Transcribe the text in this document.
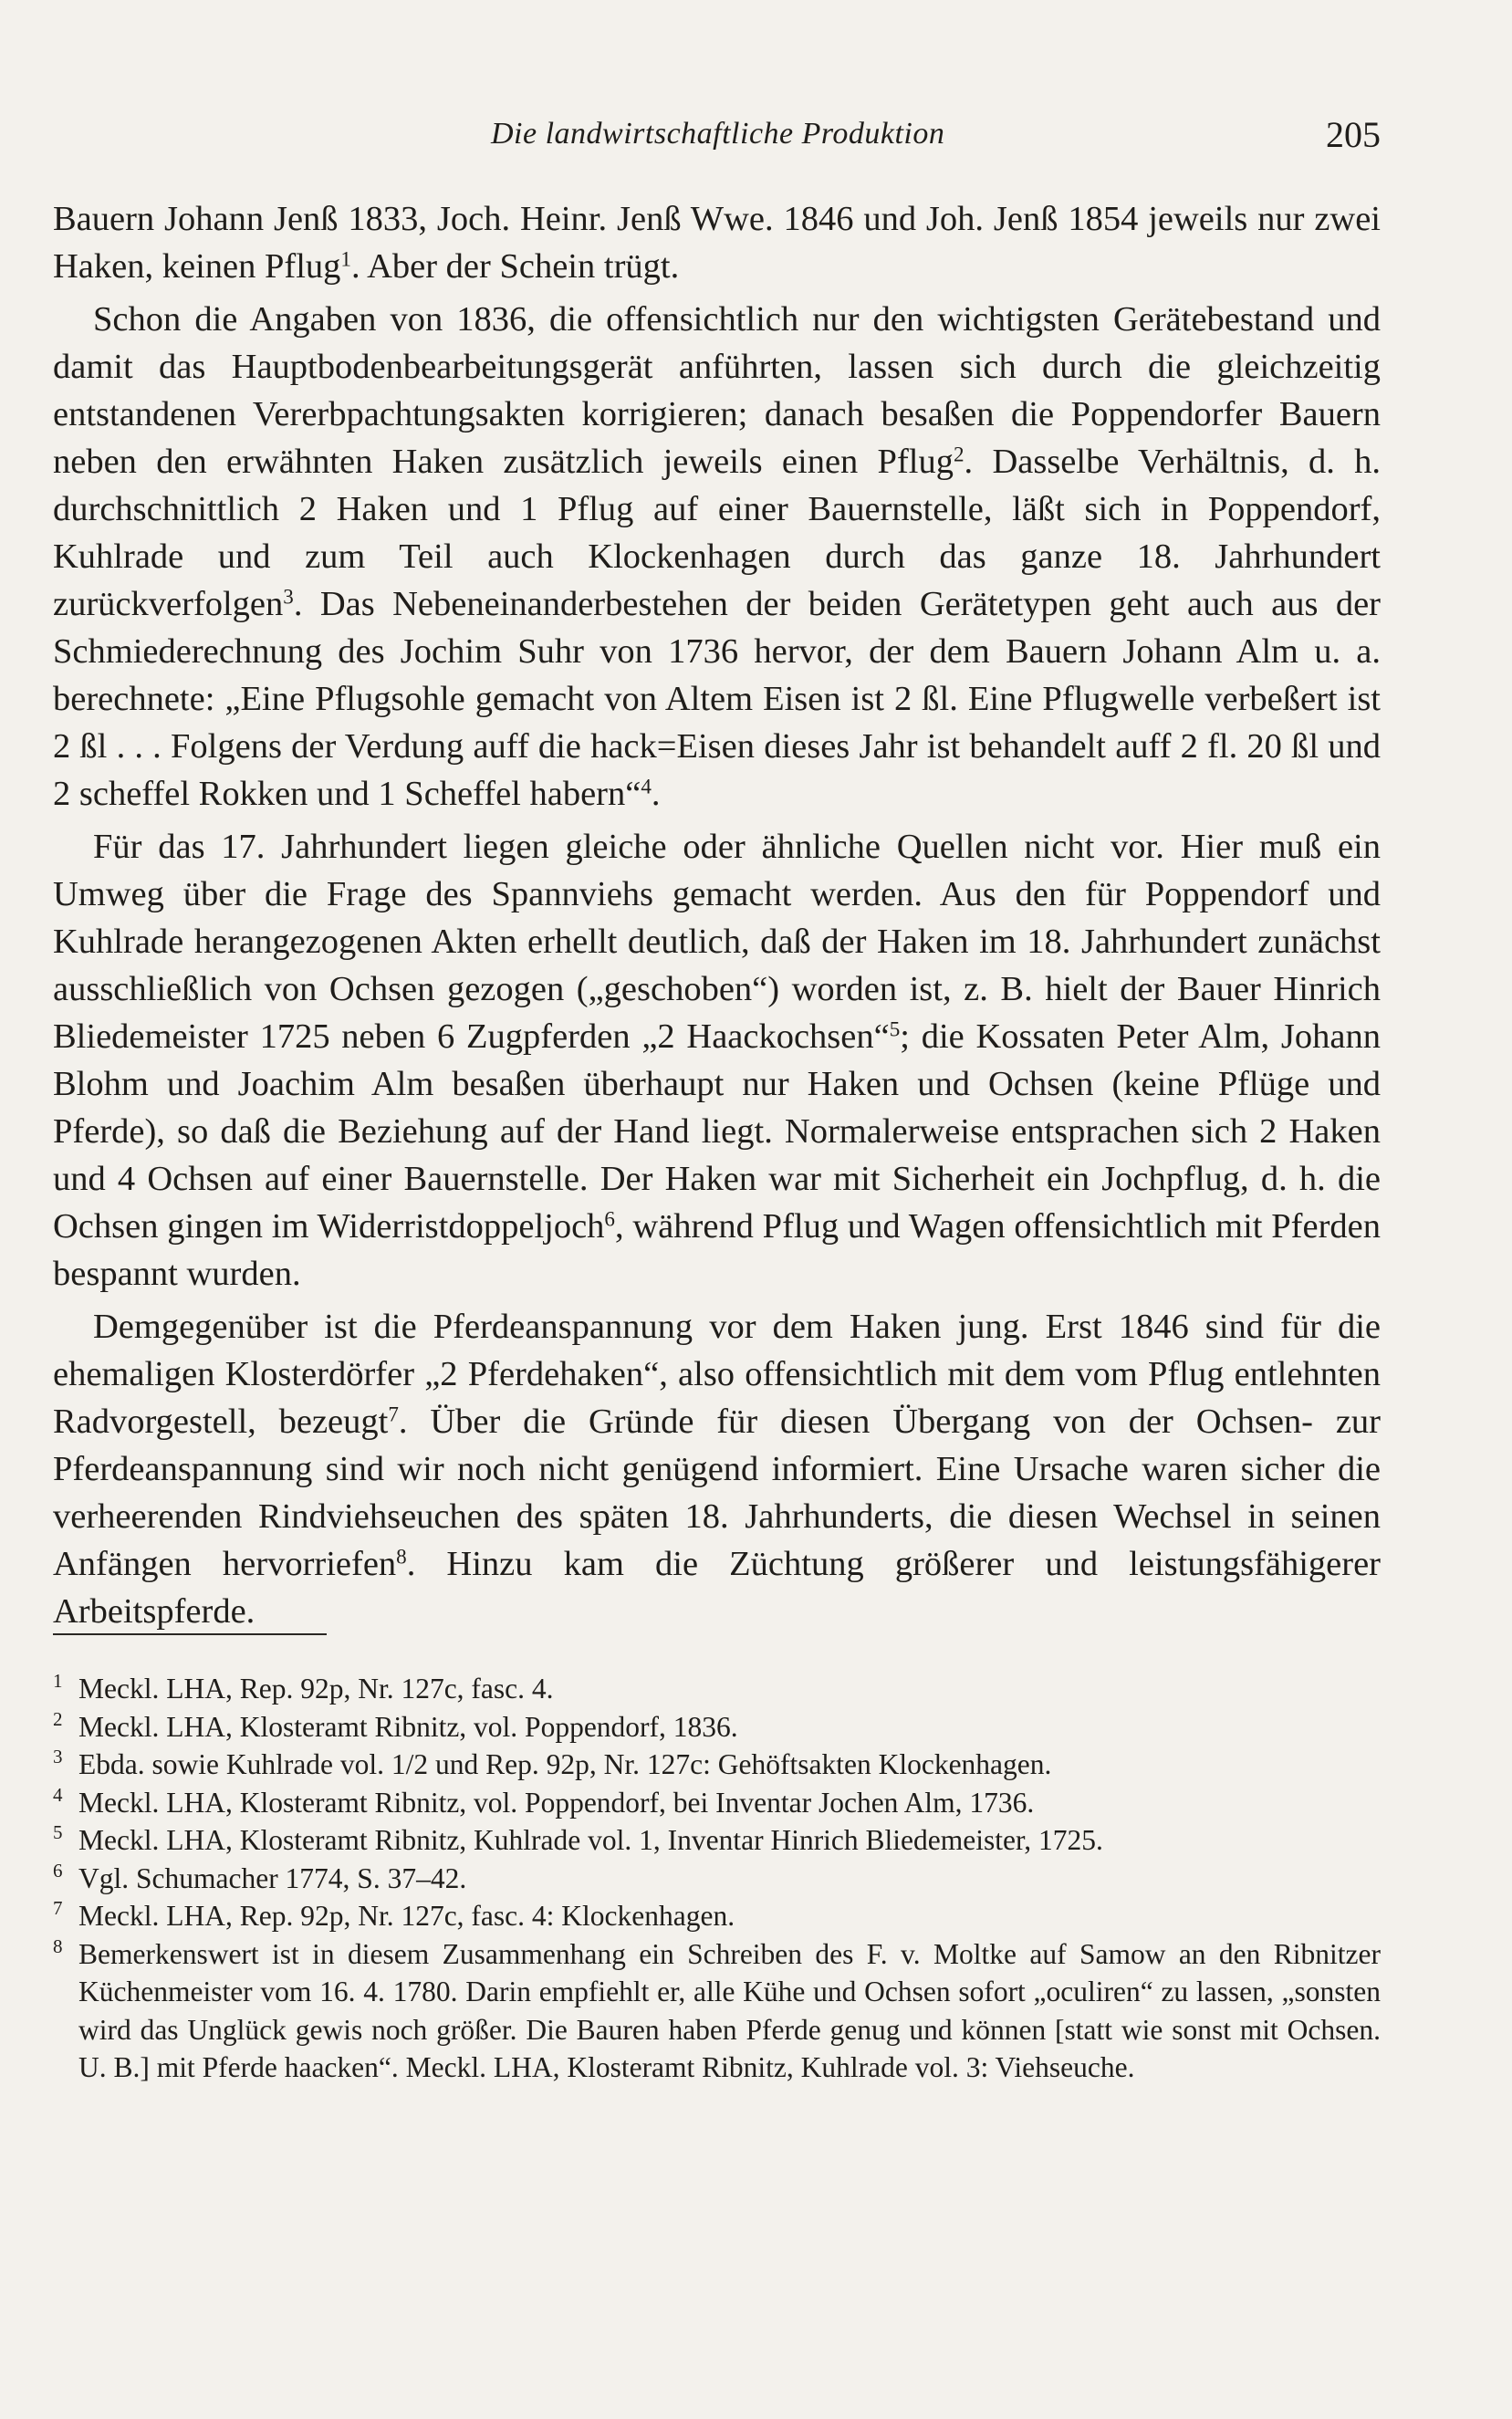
Die landwirtschaftliche Produktion	205

Bauern Johann Jenß 1833, Joch. Heinr. Jenß Wwe. 1846 und Joh. Jenß 1854 jeweils nur zwei Haken, keinen Pflug$^1$. Aber der Schein trügt.

Schon die Angaben von 1836, die offensichtlich nur den wichtigsten Gerätebestand und damit das Hauptbodenbearbeitungsgerät anführten, lassen sich durch die gleichzeitig entstandenen Vererbpachtungsakten korrigieren; danach besaßen die Poppendorfer Bauern neben den erwähnten Haken zusätzlich jeweils einen Pflug$^2$. Dasselbe Verhältnis, d. h. durchschnittlich 2 Haken und 1 Pflug auf einer Bauernstelle, läßt sich in Poppendorf, Kuhlrade und zum Teil auch Klockenhagen durch das ganze 18. Jahrhundert zurückverfolgen$^3$. Das Nebeneinanderbestehen der beiden Gerätetypen geht auch aus der Schmiederechnung des Jochim Suhr von 1736 hervor, der dem Bauern Johann Alm u. a. berechnete: „Eine Pflugsohle gemacht von Altem Eisen ist 2 ßl. Eine Pflugwelle verbeßert ist 2 ßl . . . Folgens der Verdung auff die hack=Eisen dieses Jahr ist behandelt auff 2 fl. 20 ßl und 2 scheffel Rokken und 1 Scheffel habern“$^4$.

Für das 17. Jahrhundert liegen gleiche oder ähnliche Quellen nicht vor. Hier muß ein Umweg über die Frage des Spannviehs gemacht werden. Aus den für Poppendorf und Kuhlrade herangezogenen Akten erhellt deutlich, daß der Haken im 18. Jahrhundert zunächst ausschließlich von Ochsen gezogen („geschoben“) worden ist, z. B. hielt der Bauer Hinrich Bliedemeister 1725 neben 6 Zugpferden „2 Haackochsen“$^5$; die Kossaten Peter Alm, Johann Blohm und Joachim Alm besaßen überhaupt nur Haken und Ochsen (keine Pflüge und Pferde), so daß die Beziehung auf der Hand liegt. Normalerweise entsprachen sich 2 Haken und 4 Ochsen auf einer Bauernstelle. Der Haken war mit Sicherheit ein Jochpflug, d. h. die Ochsen gingen im Widerristdoppeljoch$^6$, während Pflug und Wagen offensichtlich mit Pferden bespannt wurden.

Demgegenüber ist die Pferdeanspannung vor dem Haken jung. Erst 1846 sind für die ehemaligen Klosterdörfer „2 Pferdehaken“, also offensichtlich mit dem vom Pflug entlehnten Radvorgestell, bezeugt$^7$. Über die Gründe für diesen Übergang von der Ochsen- zur Pferdeanspannung sind wir noch nicht genügend informiert. Eine Ursache waren sicher die verheerenden Rindviehseuchen des späten 18. Jahrhunderts, die diesen Wechsel in seinen Anfängen hervorriefen$^8$. Hinzu kam die Züchtung größerer und leistungsfähigerer Arbeitspferde.

1 Meckl. LHA, Rep. 92p, Nr. 127c, fasc. 4.
2 Meckl. LHA, Klosteramt Ribnitz, vol. Poppendorf, 1836.
3 Ebda. sowie Kuhlrade vol. 1/2 und Rep. 92p, Nr. 127c: Gehöftsakten Klockenhagen.
4 Meckl. LHA, Klosteramt Ribnitz, vol. Poppendorf, bei Inventar Jochen Alm, 1736.
5 Meckl. LHA, Klosteramt Ribnitz, Kuhlrade vol. 1, Inventar Hinrich Bliedemeister, 1725.
6 Vgl. Schumacher 1774, S. 37–42.
7 Meckl. LHA, Rep. 92p, Nr. 127c, fasc. 4: Klockenhagen.
8 Bemerkenswert ist in diesem Zusammenhang ein Schreiben des F. v. Moltke auf Samow an den Ribnitzer Küchenmeister vom 16. 4. 1780. Darin empfiehlt er, alle Kühe und Ochsen sofort „oculiren“ zu lassen, „sonsten wird das Unglück gewis noch größer. Die Bauren haben Pferde genug und können [statt wie sonst mit Ochsen. U. B.] mit Pferde haacken“. Meckl. LHA, Klosteramt Ribnitz, Kuhlrade vol. 3: Viehseuche.
